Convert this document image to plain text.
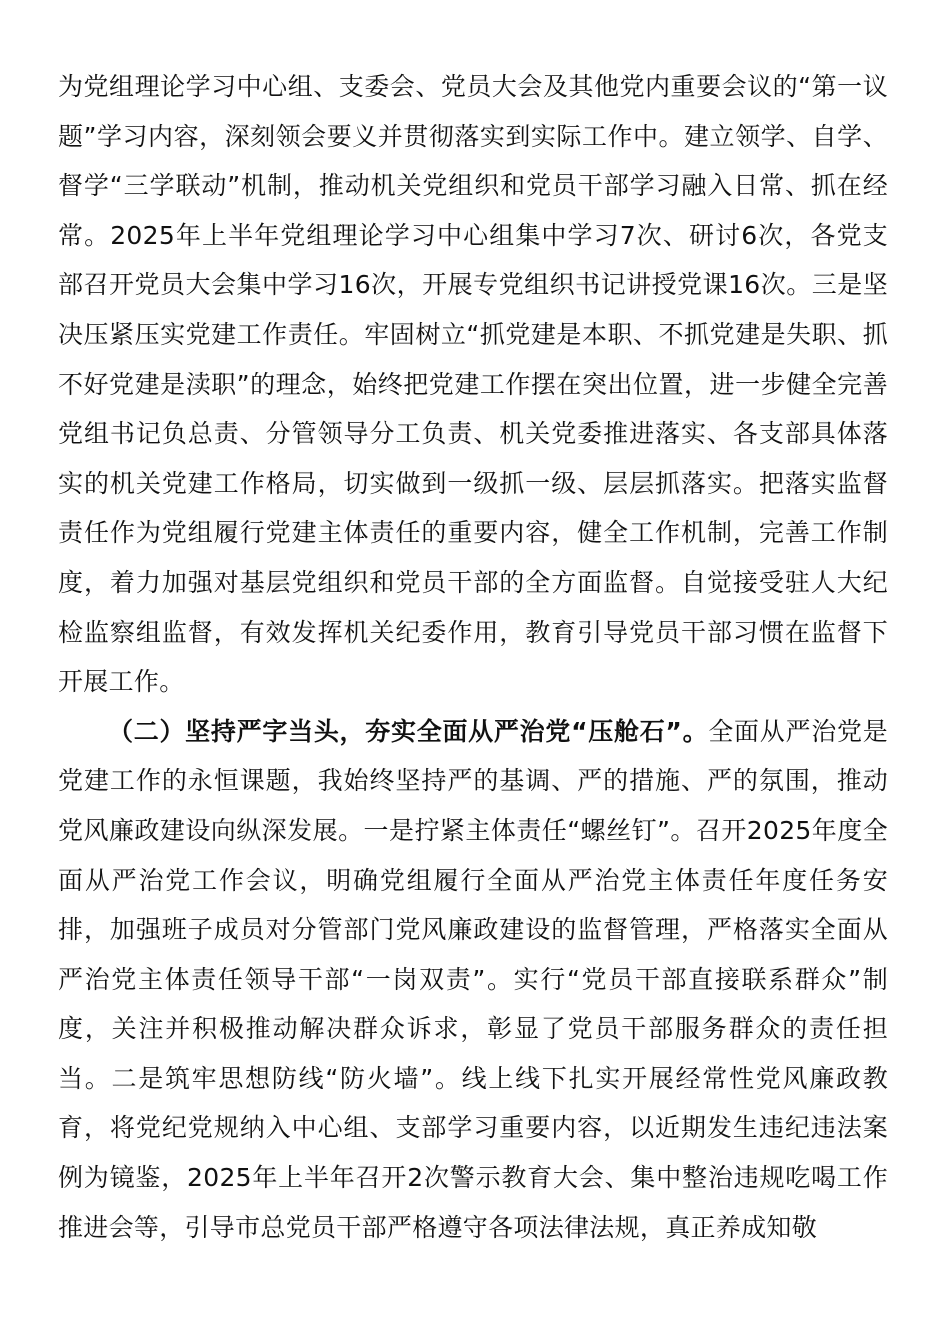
为党组理论学习中心组、支委会、党员大会及其他党内重要会议的“第一议题”学习内容，深刻领会要义并贯彻落实到实际工作中。建立领学、自学、督学“三学联动”机制，推动机关党组织和党员干部学习融入日常、抓在经常。2025年上半年党组理论学习中心组集中学习7次、研讨6次，各党支部召开党员大会集中学习16次，开展专党组织书记讲授党课16次。三是坚决压紧压实党建工作责任。牢固树立“抓党建是本职、不抓党建是失职、抓不好党建是渎职”的理念，始终把党建工作摆在突出位置，进一步健全完善党组书记负总责、分管领导分工负责、机关党委推进落实、各支部具体落实的机关党建工作格局，切实做到一级抓一级、层层抓落实。把落实监督责任作为党组履行党建主体责任的重要内容，健全工作机制，完善工作制度，着力加强对基层党组织和党员干部的全方面监督。自觉接受驻人大纪检监察组监督，有效发挥机关纪委作用，教育引导党员干部习惯在监督下开展工作。

（二）坚持严字当头，夯实全面从严治党“压舱石”。全面从严治党是党建工作的永恒课题，我始终坚持严的基调、严的措施、严的氛围，推动党风廉政建设向纵深发展。一是拧紧主体责任“螺丝钉”。召开2025年度全面从严治党工作会议，明确党组履行全面从严治党主体责任年度任务安排，加强班子成员对分管部门党风廉政建设的监督管理，严格落实全面从严治党主体责任领导干部“一岗双责”。实行“党员干部直接联系群众”制度，关注并积极推动解决群众诉求，彰显了党员干部服务群众的责任担当。二是筑牢思想防线“防火墙”。线上线下扎实开展经常性党风廉政教育，将党纪党规纳入中心组、支部学习重要内容，以近期发生违纪违法案例为镜鉴，2025年上半年召开2次警示教育大会、集中整治违规吃喝工作推进会等，引导市总党员干部严格遵守各项法律法规，真正养成知敬
